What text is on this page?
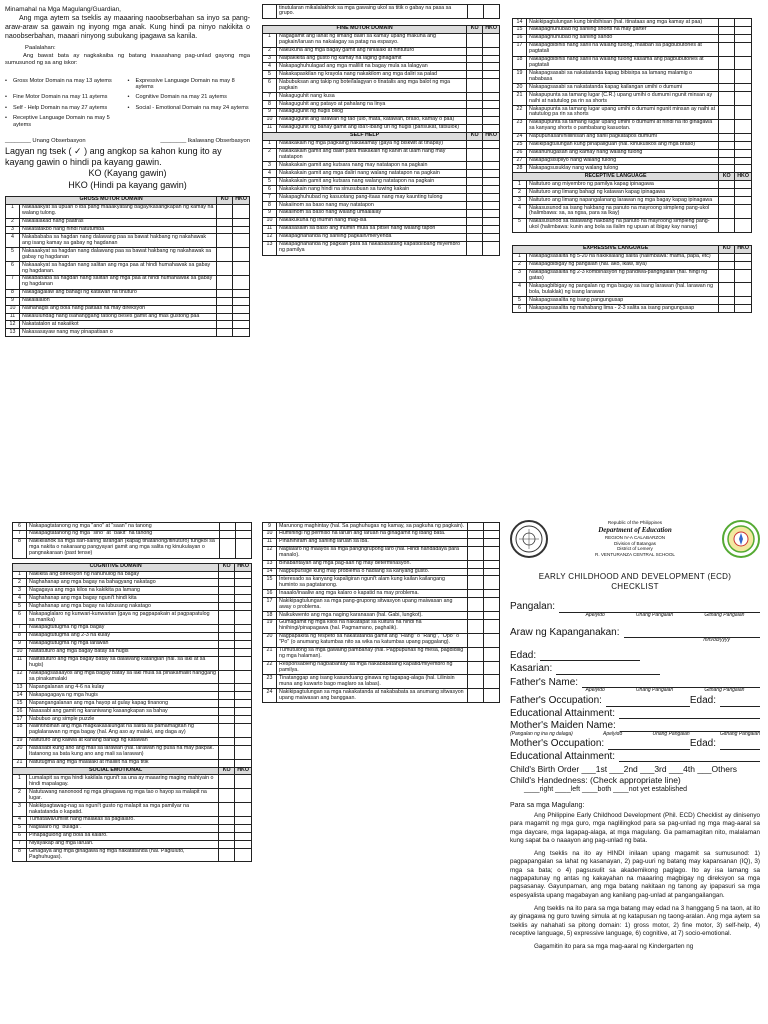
Minamahal na Mga Magulang/Guardian,

Ang mga aytem sa tseklis ay maaaring naoobserbahan sa inyo sa pang-araw-araw sa gawain ng inyong mga anak. Kung hindi pa ninyo nakikita o naoobserbahan, maaari ninyong subukang ipagawa sa kanila.

Paalalahan:

Ang bawat bata ay nagkakaiba ng batang inaasahang pag-unlad gayong mga sumusunod ng sa ang iskor:

• Gross Motor Domain na may 13 aytems	• Expressive Language Domain na may 8 aytems
• Fine Motor Domain na may 11 aytems	• Cognitive Domain na may 21 aytems
• Self - Help Domain na may 27 aytems	• Social - Emotional Domain na may 24 aytems
• Receptive Language Domain na may 5 aytems
________ Unang Obserbasyon	________ Ikalawang Obserbasyon

Lagyan ng tsek ( ✓ ) ang angkop sa kahon kung ito ay kayang gawin o hindi pa kayang gawin.

KO (Kayang gawin)

HKO (Hindi pa kayang gawin)

GROSS MOTOR DOMAIN		KO	HKO
1	Nakaaakyat sa upuan o iba pang maaakyatang bagay/kasangkapan ng kamay na walang tulong.		
2	Nakalalakad nang paatras		
3	Nakatatakbo nang hindi natutumba		
4	Nakabababa sa hagdan nang dalawang paa sa bawat hakbang ng nakahawak ang isang kamay sa gabay ng hagdanan		
5	Nakaaakyat sa hagdan nang dalawang paa sa bawat hakbang ng nakahawak sa gabay ng hagdanan		
6	Nakaaakyat sa hagdan nang salitan ang mga paa at hindi humahawak sa gabay ng hagdanan.		
7	Nakabababa sa hagdan nang salitan ang mga paa at hindi humahawak sa gabay ng hagdanan		
8	Nakagagalaw ang bahagi ng katawan na tinuturo		
9	Nakalalalon		
10	Naihahagis ang bola nang paitaas na may direksyon		
11	Nakalulundag nang isahanggang tatlong beses gamit ang mas gustong paa		
12	Nakatatalon at nakaiikot		
13	Nakasasayaw nang may pinapatisan o		
	tinutularan mikalalakhok sa mga gawaing ukol sa titik o gabay na pasa sa grupo.		
FINE MOTOR DOMAIN		KO	HKO
1	Nagagamit ang lahat ng limang daliri sa kamay upang makuha ang pagkain/laruan na nakalagay sa patag na espasyo.		
2	Nakukuha ang mga bagay gamit ang hinlalaki at hintuturo		
3	Naipakikita ang gusto ng kamay na laging ginagamit		
4	Nakapaghuhulagad ang mga maliliit na bagay mula sa lalagyan		
5	Nakakapaskilan ng krayola nang nakakilom ang mga daliri sa palad		
6	Nabubuksan ang takip ng bote/lalagyan o tinatalis ang mga balot ng mga pagkain		
7	Nakaguguhit nang kusa		
8	Nakaguguhit ang patayo at pahalang na linya		
9	Nakaguguhit ng hugis bilog		
10	Nakaguguhit ang larawan ng tao (ulo, mata, katawan, braso, kamay o paa)		
11	Nakaguguhit ng bahay gamit ang iba't-ibang uri ng hugis (parisukat, tatsulok)		
SELF HELP		KO	HKO
1	Nakakakain ng mga pagkaing nakakamay (gaya ng biskwit at tinapay)		
2	Nakakakain gamit ang daliri para makakain ng kanin at ulam nang may natatapon		
3	Nakakakain gamit ang kutsara nang may natatapon na pagkain		
4	Nakakakain gamit ang mga daliri nang walang natatapon na pagkain		
5	Nakakakain gamit ang kutsara nang walang natatapon na pagkain		
6	Nakakakain nang hindi na sinusubuan sa tuwing kakain		
7	Nakapaghuhubad ng kasuotang pang-itaas nang may kaunting tulong		
8	Nakaiinom sa baso nang may natatapon		
9	Nakaiinom sa baso nang walang umaalalay		
10	Nakakukuha ng inumin nang mag-isa		
11	Nakasasalin sa baso ang inumin mula sa pitsel nang walang tapon		
12	Nakapaghahanda ng sariling pagkain/meryenda		
13	Nakapaghahanda ng pagkain para sa nakababatang kapatid/ibang miyembro ng pamilya		
14	Nakikipagtulungan kung binibihisan (hal. itinataas ang mga kamay at paa)		
15	Nakapaghuhubad ng sariling shorts na may garter		
16	Nakapaghuhubad ng sariling sando		
17	Nakapagbibihis nang sarili na walang tulong, maliban sa pagbubutones at pagtatali		
18	Nakapagbibihis nang sarili na walang tulong kasama ang pagbubutones at pagtatali		
19	Nakapagsasabi sa nakatatanda kapag bibisirpa sa lamang malamig o nababasa		
20	Nakapagsasabi sa nakatatanda kapag kailangan umihi o dumumi		
21	Nakapupunta sa tamang lugar (C.R.) upang umihi o dumumi ngunit minsan ay naihi at natutulog pa rin sa shorts		
22	Nakapupunta sa tamang lugar upang umihi o dumumi ngunit minsan ay naihi at natutulog pa rin sa shorts		
23	Nakapupunta sa tamang lugar upang umihi o dumumi at hindi na ito ginagawa sa kanyang shorts o pambabang kasuotan.		
24	Napupunasan/nililinisan ang sarili pagkatapos dumumi		
25	Nakikipagtulungan kung pinapaliguan (hal. kinukuskos ang mga braso)		
26	Nakahuhugasan ang kamay nang walang tulong		
27	Nakapagsisipilyo nang walang tulong		
28	Nakapagsusuklay nang walang tulong		
RECEPTIVE LANGUAGE		KO	HKO
1	Naituturo ang miyembro ng pamilya kapag ipinagawa		
2	Naituturo ang limang bahagi ng katawan kapag ipinagawa		
3	Naituturo ang limang napangalanang larawan ng mga bagay kapag ipinagawa		
4	Nakasusunod sa isang hakbang na panuto na mayroong simpleng pang-ukol (halimbawa: sa, sa ngsa, para sa lkay)		
5	Nakasusunod sa dalawang hakbang na panuto na mayroong simpleng pang-ukol (halimbawa: kunin ang bola sa ilalim ng upuan at ibigay kay nanay)		
EXPRESSIVE LANGUAGE		KO	HKO
1	Nakapagsasalita ng 5-20 na nakikilalang salita (halimbawa: mama, papa, etc)		
2	Nakapagbibigay ng pangalan (hal. ako, ikaw, siya)		
3	Nakapagsasalita ng 2-3 kombinasyon ng pandiwa-pangngalan (hal. hingi ng gatas)		
4	Nakapagbibigay ng pangalan ng mga bagay sa isang larawan (hal. larawan ng bola, bulaklak) ng isang larawan		
5	Nakapagsasalita ng isang pangungusap		
6	Nakapagsasalita ng mahabang lima - 2-3 salita sa isang pangungusap		
6	Nakapagtatanong ng mga "ano" at "saan" na tanong		
7	Nakapagtatanong ng mga "sino" at "bakit" na tanong		
8	Nakikilahok sa mga sari-saring larangan (kapag tinatanong/itinuturo) tungkol sa mga nakita o nakaraang pangyayari gamit ang mga salita ng kinukulayan o pangnakaraan (past tense)		
COGNITIVE DOMAIN		KO	HKO
1	Nakikita ang direksyon ng nahuhulog na bagay		
2	Naghahanap ang mga bagay na bahagyang nakatago		
3	Nagagaya ang mga kilos na kakikita pa lamang		
4	Naghahanap ang mga bagay nguni't hindi kita		
5	Naghahanap ang mga bagay na lubusang nakatago		
6	Nakapaglalaro ng kunwari-kunwarian (gaya ng pagpapakain at pagpapatulog sa manika)		
7	Nakapagtutugma ng mga bagay		
8	Nakapagtutugma ang 2-3 na kulay		
9	Nakapagtutugma ng mga larawan		
10	Naitatuturo ang mga bagay batay sa hugis		
11	Naiitatuturo ang mga bagay batay sa dalawang katangian (hal. sa laki at sa hugis)		
12	Nakapagsasaayos ang mga bagay batay sa laki mula sa pinakamaliit hanggang sa pinakamalaki		
13	Napangalanan ang 4-6 na kulay		
14	Nakapagagaya ng mga hugis		
15	Napangangalanan ang mga hayop at gulay kapag tinanong		
16	Nasasabi ang gamit ng karaniwang kasangkapan sa bahay		
17	Nabubuo ang simple puzzle		
18	Naiintindihan ang mga magkakasalungat na salita sa pamamagitan ng paglalarawan ng mga bagay (hal. Ang aso ay malaki, ang daga ay)		
19	Naituturo ang kaliwa at kanang bahagi ng katawan		
20	Nasasabi kung ano ang mali sa larawan (hal. larawan ng pusa na may pakpak. Itatanong sa bata kung ano ang mali sa larawan)		
21	Natutugma ang mga malalaki at maliliit na mga titik		
SOCIAL EMOTIONAL		KO	HKO
1	Lumalapit sa mga hindi kakilala nguni't sa una ay maaaring maging mahiyain o hindi mapalagay.		
2	Natutuwang nanonood ng mga ginagawa ng mga tao o hayop sa malapit na lugar.		
3	Nakikipagtawag-nag sa nguni't gusto ng malapit sa mga pamilyar na nakatatanda o kapatid.		
4	Tumatawa/umiiiit nang malakas sa paglalaro.		
5	Naglalaro ng "bulaga".		
6	Pinapagulong ang bola sa kalaro.		
7	Niyayakap ang mga laruan.		
8	Ginagaya ang mga ginagawa ng mga nakatatanda (hal. Pagluluto, Paghuhugas).		
9	Marunong maghintay (hal. Sa paghuhugas ng kamay, sa pagkuha ng pagkain).		
10	Humihingi ng permiso na laruin ang laruan na ginagamit ng ibang bata.		
11	Pinahihiram ang sariling laruan sa iba.		
12	Naglalaro ng maayos sa mga pangngrupong laro (hal. Hindi nandadaya para manalo).		
13	Binabantayan ang mga pag-aari ng may determinasyon.		
14	Nagpupursige kung may problema o hadlang sa kanyang gusto.		
15	Interesado sa kanyang kapaligiran nguni't alam kung kailan kailangang huminto sa pagtatanong.		
16	Inaaalo/inaaliw ang mga kalaro o kapatid na may problema.		
17	Nakikipagtulungan sa mga pang-grupong sitwasyon upang maiwasan ang away o problema.		
18	Naikukwento ang mga naging karanasan (hal. Gabi, lungkot).		
19	Gumagamit ng mga kilos na nakatapat sa kultura na hindi na hinihingi/pinapagawa (hal. Pagmamano, paghalik).		
20	Nagpapakita ng respeto sa nakatatanda gamit ang "Hang" o "Rang", "Opo" o "Po" (o anumang katumbas nito sa wika na katumbas upang paggalang).		
21	Tumutulong sa mga gawaing pambahay (hal. Pagpupunas ng mesa, pagdidilig ng mga halaman).		
22	Responsableng nagbabantay sa mga nakababatang kapatid/miyembro ng pamilya.		
23	Tinatanggap ang isang kasunduang ginawa ng tagapag-alaga (hal. Lilinisin muna ang kuwarto bago maglaro sa labas).		
24	Nakikipagtulungan sa mga nakakatanda at nakababata sa anumang sitwasyon upang maiwasan ang banggaan.		
Republic of the Philippines
Department of Education
REGION IV-A CALABARZON
Division of Batangas
District of Lemery
R. VENTURANZA CENTRAL SCHOOL
EARLY CHILDHOOD AND DEVELOPMENT (ECD)
CHECKLIST
Pangalan:
Apelyido	Unang Pangalan	Gitnang Pangalan
Araw ng Kapanganakan:
mm/dd/yyyy
Edad:
Kasarian:
Father's Name:
Apelyido	Unang Pangalan	Gitnang Pangalan
Father's Occupation:	Edad:
Educational Attainment:
Mother's Maiden Name:
(Pangalan ng ina ng dalaga)	Apelyido	Unang Pangalan	Gitnang Pangalan
Mother's Occupation:	Edad:
Educational Attainment:
Child's Birth Order ___1st ___2nd ___3rd ___4th ___Others
Child's Handedness: (Check appropriate line)
____right ____left ____both ____not yet established
Para sa mga Magulang:
Ang Philippine Early Childhood Development (Phil. ECD) Checklist ay dinisenyo para magamit ng mga guro, mga naglilingkod para sa pag-unlad ng mga mag-aaral sa mga daycare, mga lagapag-alaga, at mga magulang. Ga pamamagitan nito, malalaman kung sapat ba o naaayon ang pag-unlad ng bata.
Ang tseklis na ito ay HINDI inilaan upang magamit sa sumusunod: 1) pagpapangalan sa lahat ng kasanayan, 2) pag-uuri ng batang may kapansanan (IQ), 3) mga sa bata; o 4) pagsusulit sa akademikong paglago. Ito ay isa lamang sa nagpapatunay ng antas ng kakayahan na maaaring magbigay ng direksyon sa mga pagsasanay. Gayunpaman, ang mga batang nakitaan ng tanong ay ipapasuri sa mga espesyalista upang magabayan ang kanilang pag-unlad at pangangailangan.
Ang tseklis na ito para sa mga batang may edad na 3 hanggang 5 na taon, at ito ay ginagawa ng guro tuwing simula at ng katapusan ng taong-aralan. Ang mga aytem sa tseklis ay nahahati sa pitong domain: 1) gross motor, 2) fine motor, 3) self-help, 4) receptive language, 5) expressive language, 6) cognitive, at 7) socio-emotional.
Gagamitin ito para sa mga mag-aaral ng Kindergarten ng
